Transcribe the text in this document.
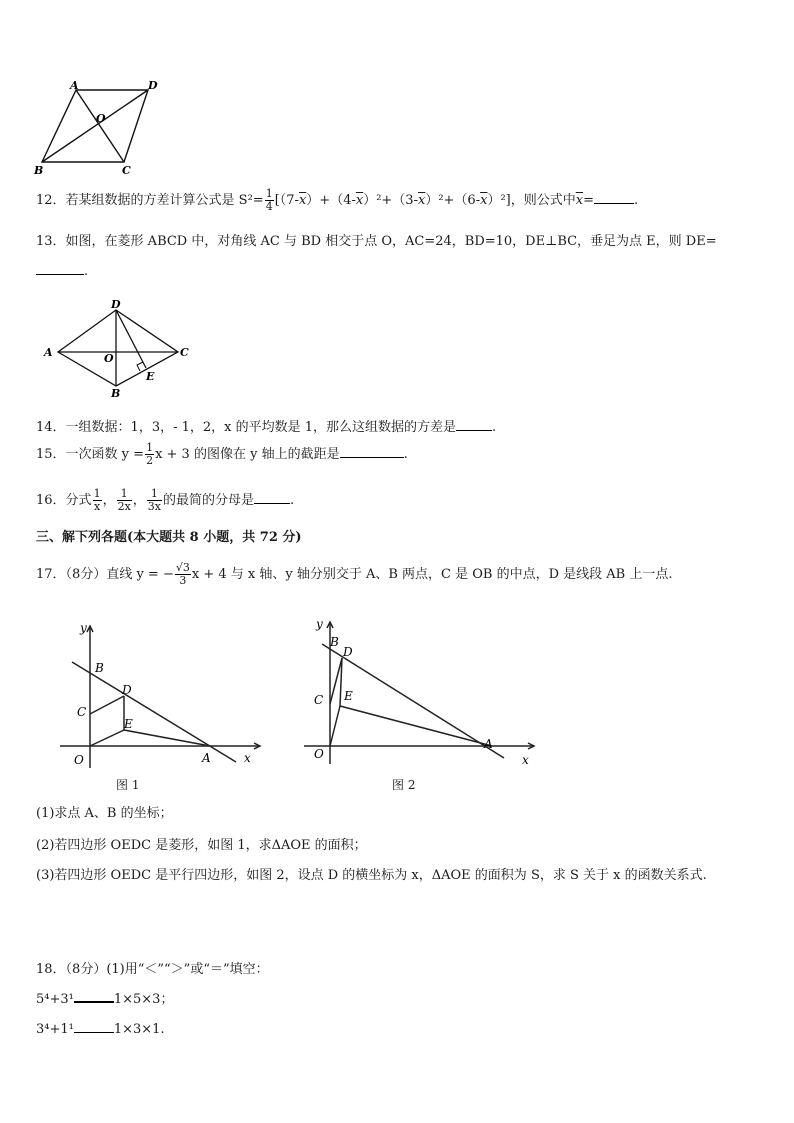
A	D
O
B	C
12．若某组数据的方差计算公式是 $S^2= \frac{1}{4} [(7-\overline{x})+(4-\overline{x})^2+(3-\overline{x})^2+(6-\overline{x})^2]$，则公式中$\overline{x}=$	.
13．如图，在菱形 ABCD 中，对角线 AC 与 BD 相交于点 O，AC=24，BD=10，DE⊥BC，垂足为点 E，则 DE=
.
D
A	O	C
E
B
14．一组数据：1，3，- 1，2，x 的平均数是 1，那么这组数据的方差是	.
15．一次函数 $y = \frac{1}{2}$ x + 3 的图像在 y 轴上的截距是	.
16．分式 $\frac{1}{x}$ ， $\frac{1}{2x}$ ， $\frac{1}{3x}$ 的最简的分母是	.
三、解下列各题(本大题共 8 小题，共 72 分)
17．（8分）直线 y = − $\frac{√3}{3}$ x + 4 与 x 轴、y 轴分别交于 A、B 两点，C 是 OB 的中点，D 是线段 AB 上一点.
y
x
B
D
C
E
O	A
图 1
y
x
B
D
C E
O
A
图 2
(1)求点 A、B 的坐标；
(2)若四边形 OEDC 是菱形，如图 1，求ΔAOE 的面积；
(3)若四边形 OEDC 是平行四边形，如图 2，设点 D 的横坐标为 x，ΔAOE 的面积为 S，求 S 关于 x 的函数关系式.
18．（8分）(1)用“＜”“＞”或“＝”填空：
5⁴+3¹	1×5×3；
3⁴+1¹	1×3×1.
